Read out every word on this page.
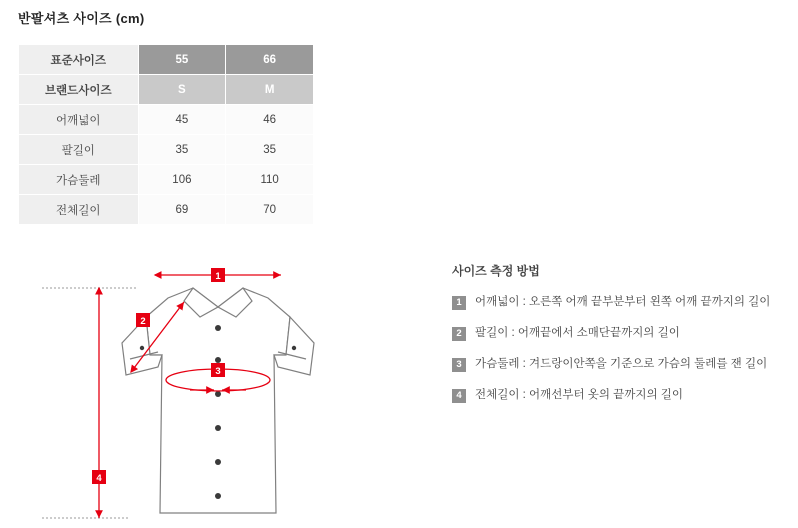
반팔셔츠 사이즈 (cm)
표준사이즈	55	66
브랜드사이즈	S	M
어깨넓이	45	46
팔길이	35	35
가슴둘레	106	110
전체길이	69	70
1
2
3
4
사이즈 측정 방법
1	어깨넓이 : 오른쪽 어깨 끝부분부터 왼쪽 어깨 끝까지의 길이
2	팔길이 : 어깨끝에서 소매단끝까지의 길이
3	가슴둘레 : 겨드랑이안쪽을 기준으로 가슴의 둘레를 잰 길이
4	전체길이 : 어깨선부터 옷의 끝까지의 길이
